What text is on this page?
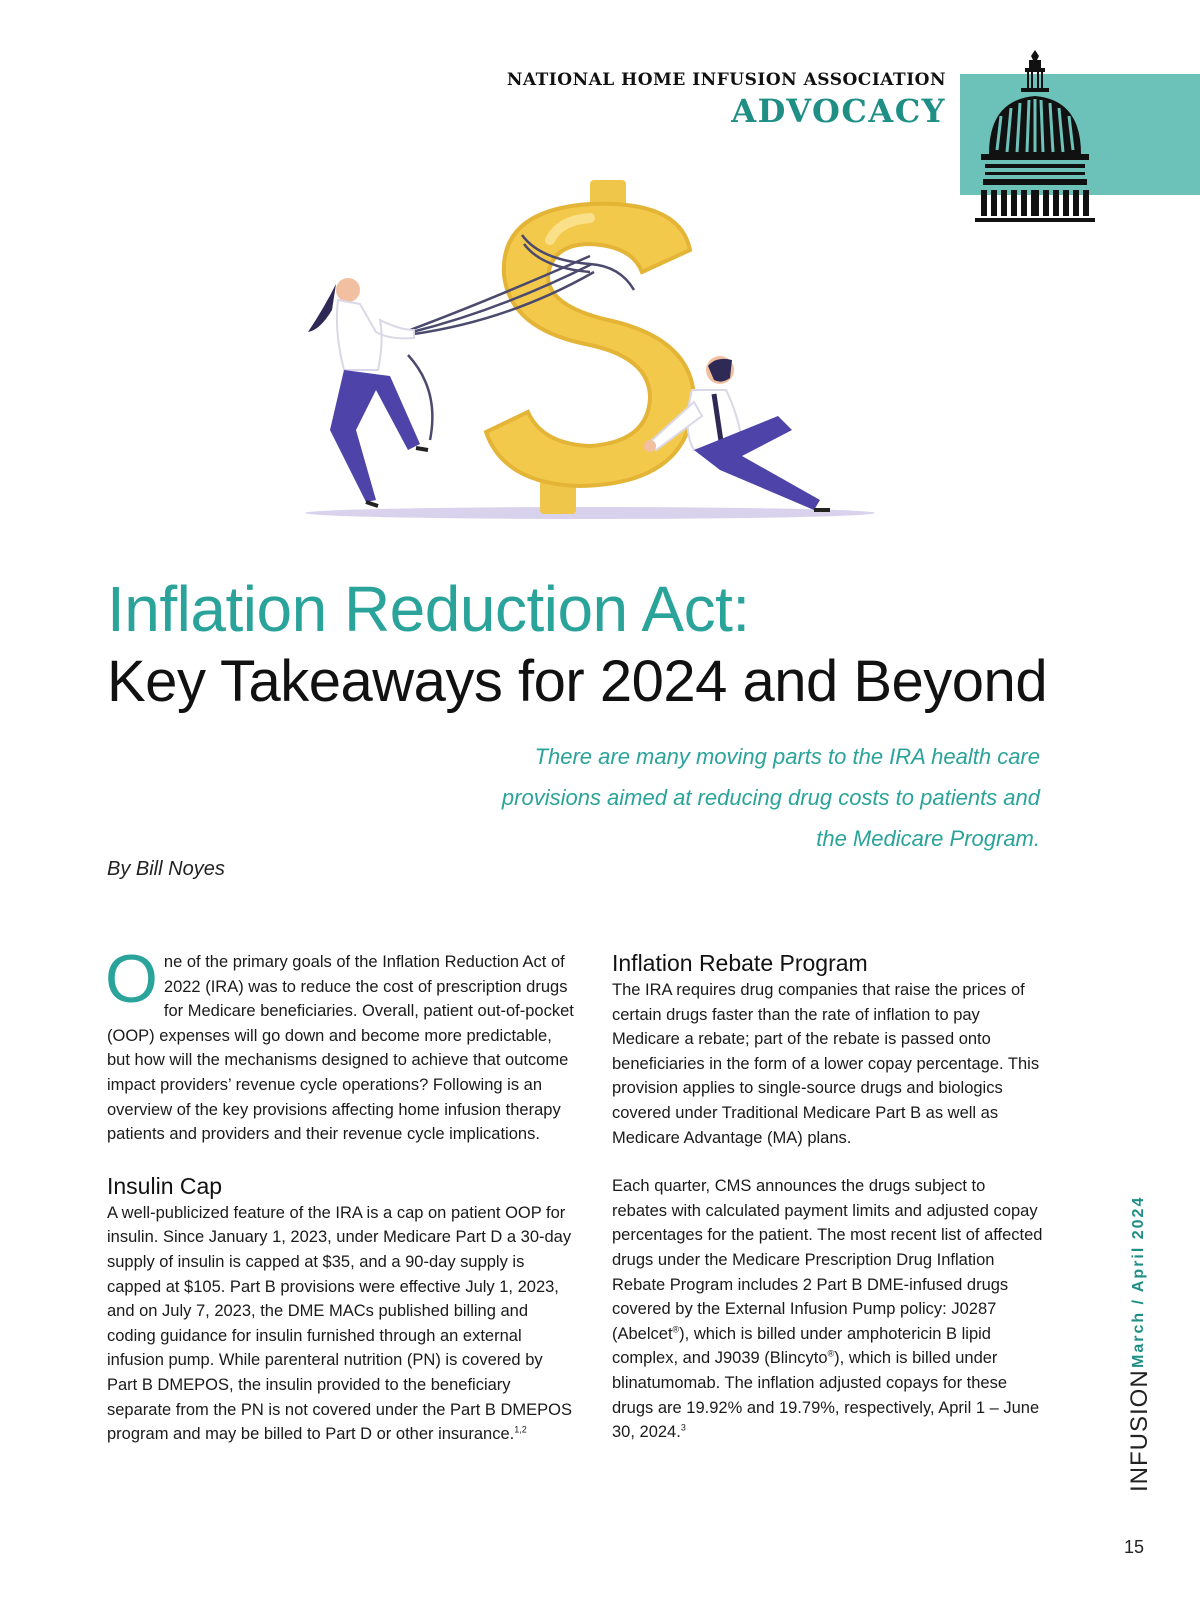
NATIONAL HOME INFUSION ASSOCIATION
ADVOCACY
Inflation Reduction Act:
Key Takeaways for 2024 and Beyond
There are many moving parts to the IRA health care provisions aimed at reducing drug costs to patients and the Medicare Program.
By Bill Noyes

One of the primary goals of the Inflation Reduction Act of 2022 (IRA) was to reduce the cost of prescription drugs for Medicare beneficiaries. Overall, patient out-of-pocket (OOP) expenses will go down and become more predictable, but how will the mechanisms designed to achieve that outcome impact providers’ revenue cycle operations? Following is an overview of the key provisions affecting home infusion therapy patients and providers and their revenue cycle implications.

Insulin Cap

A well-publicized feature of the IRA is a cap on patient OOP for insulin. Since January 1, 2023, under Medicare Part D a 30-day supply of insulin is capped at $35, and a 90-day supply is capped at $105. Part B provisions were effective July 1, 2023, and on July 7, 2023, the DME MACs published billing and coding guidance for insulin furnished through an external infusion pump. While parenteral nutrition (PN) is covered by Part B DMEPOS, the insulin provided to the beneficiary separate from the PN is not covered under the Part B DMEPOS program and may be billed to Part D or other insurance.$^{1,2}$

Inflation Rebate Program

The IRA requires drug companies that raise the prices of certain drugs faster than the rate of inflation to pay Medicare a rebate; part of the rebate is passed onto beneficiaries in the form of a lower copay percentage. This provision applies to single-source drugs and biologics covered under Traditional Medicare Part B as well as Medicare Advantage (MA) plans.

Each quarter, CMS announces the drugs subject to rebates with calculated payment limits and adjusted copay percentages for the patient. The most recent list of affected drugs under the Medicare Prescription Drug Inflation Rebate Program includes 2 Part B DME-infused drugs covered by the External Infusion Pump policy: J0287 (Abelcet®), which is billed under amphotericin B lipid complex, and J9039 (Blincyto®), which is billed under blinatumomab. The inflation adjusted copays for these drugs are 19.92% and 19.79%, respectively, April 1 – June 30, 2024.$^3$

March / April 2024
INFUSION
15
